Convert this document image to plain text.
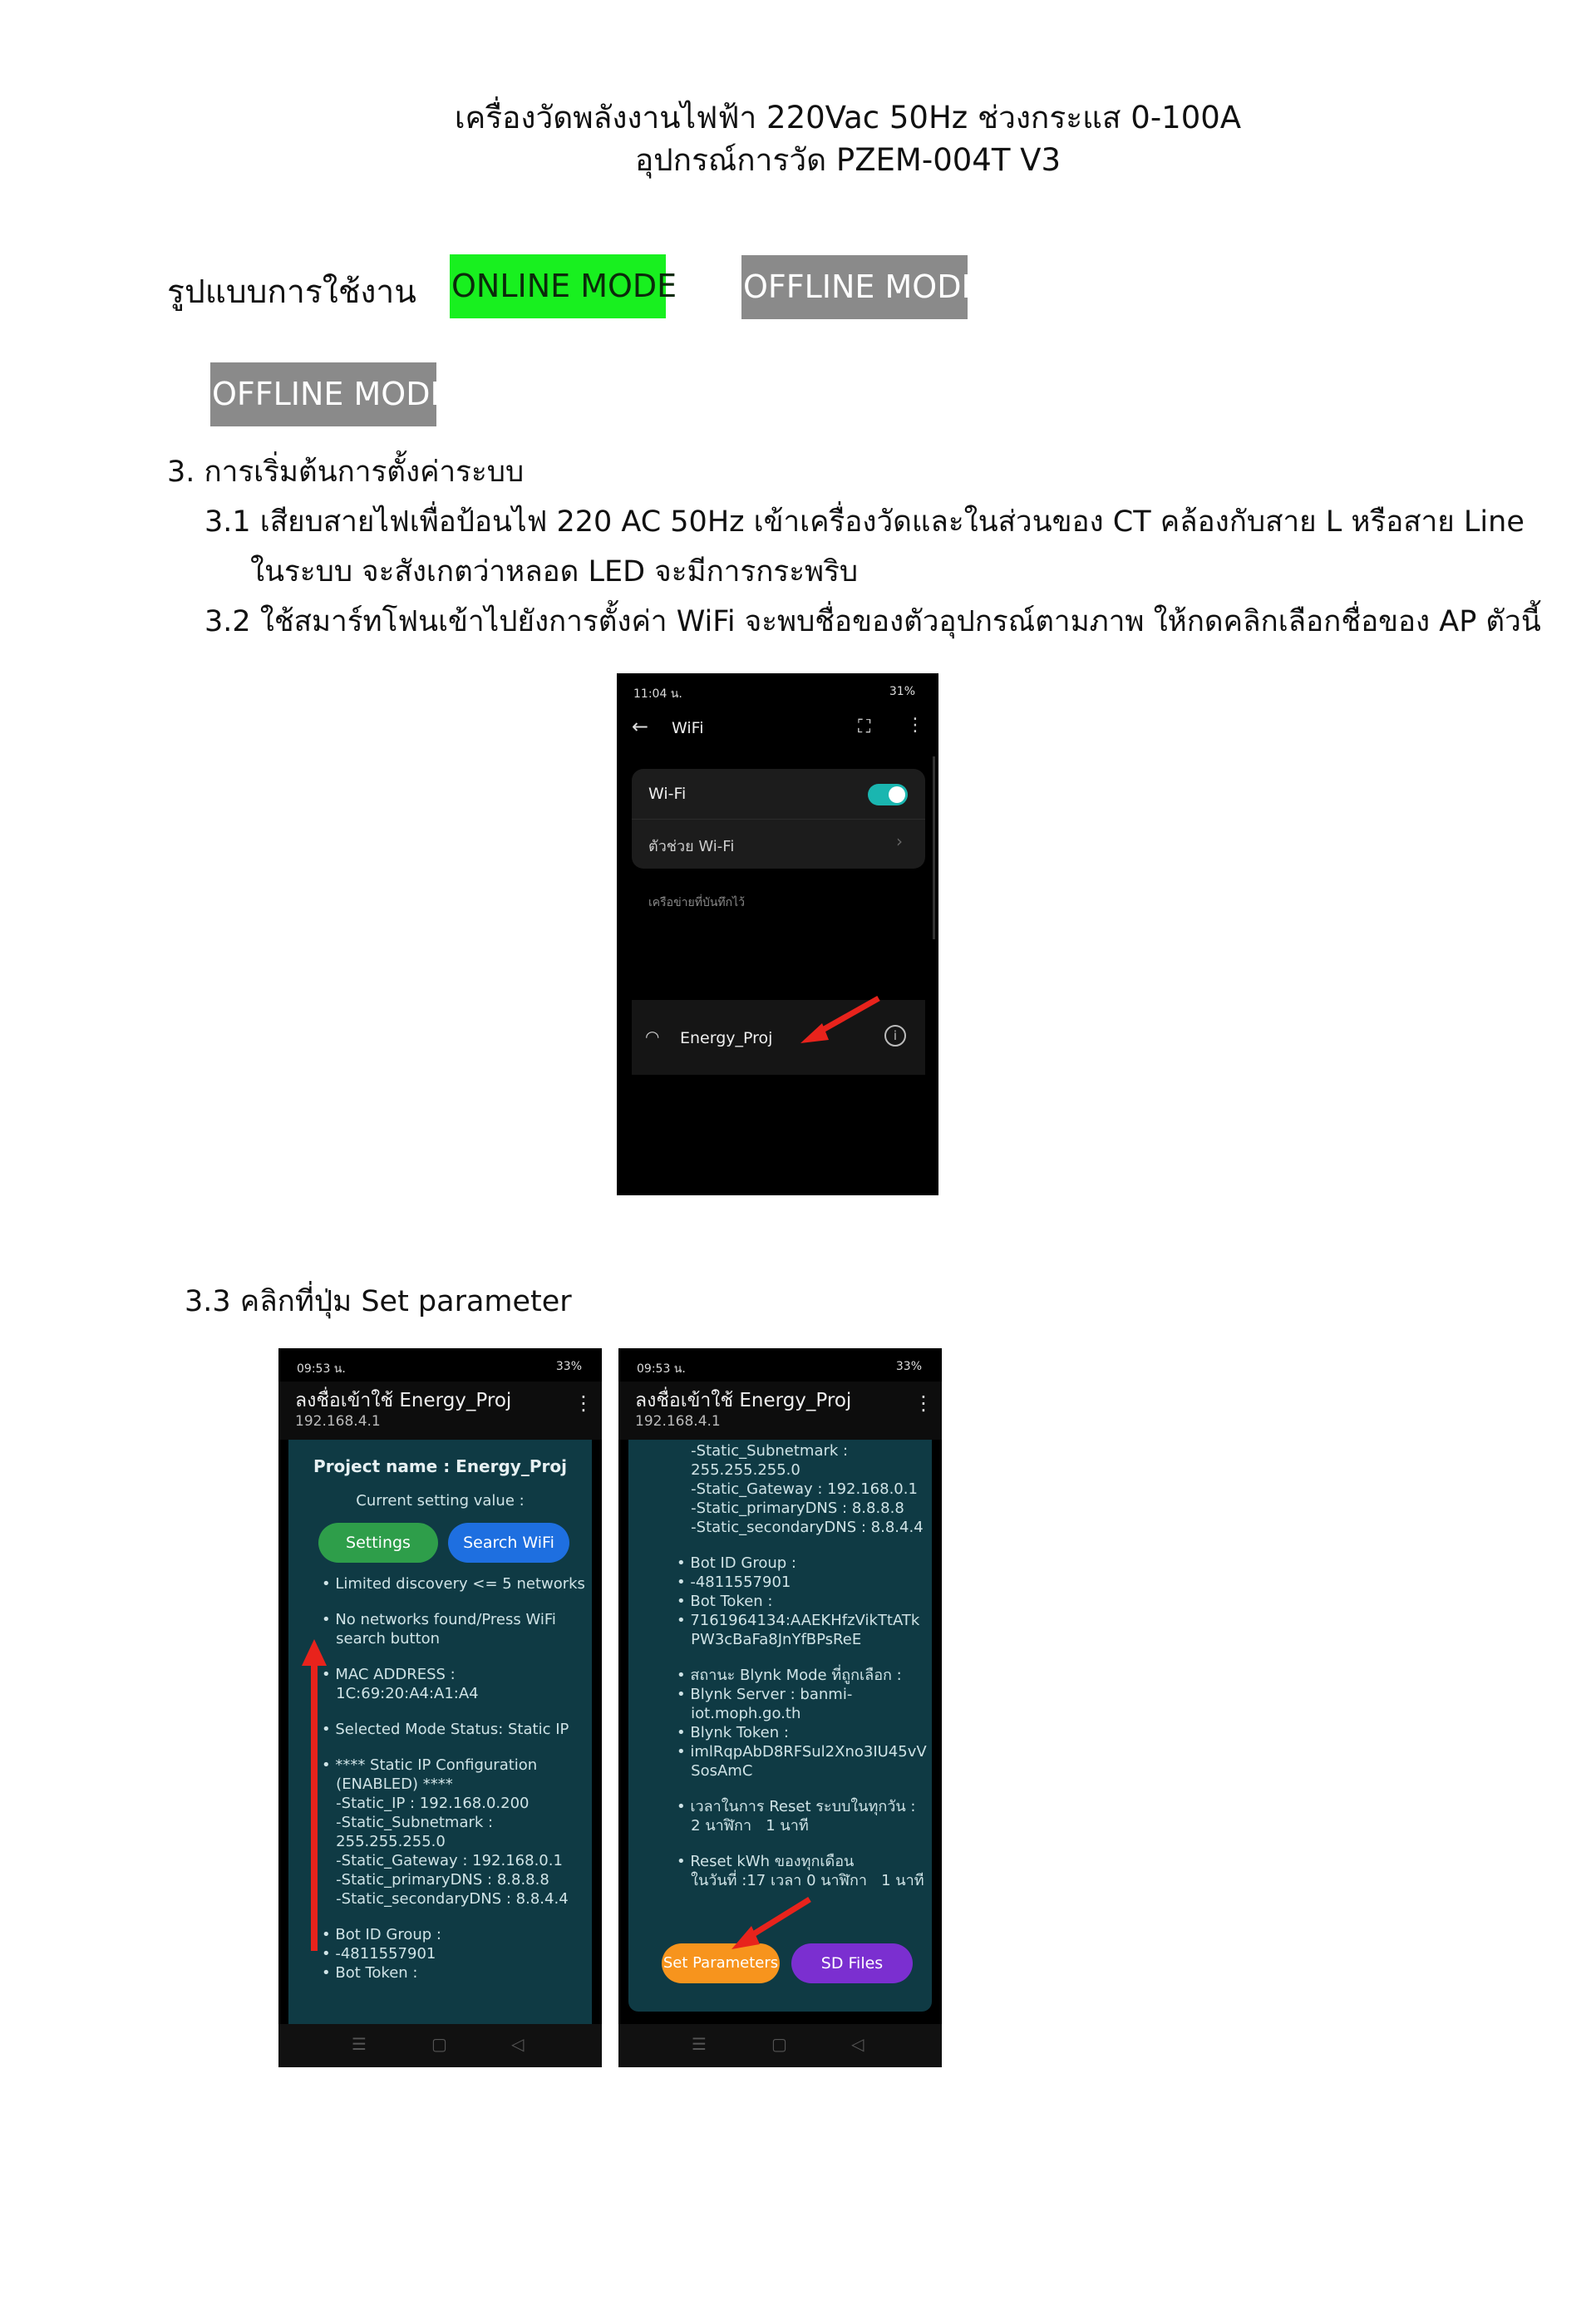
เครื่องวัดพลังงานไฟฟ้า 220Vac 50Hz ช่วงกระแส 0-100A
อุปกรณ์การวัด PZEM-004T V3
รูปแบบการใช้งาน ONLINE MODE OFFLINE MODE
OFFLINE MODE
3. การเริ่มต้นการตั้งค่าระบบ
3.1 เสียบสายไฟเพื่อป้อนไฟ 220 AC 50Hz เข้าเครื่องวัดและในส่วนของ CT คล้องกับสาย L หรือสาย Line
ในระบบ จะสังเกตว่าหลอด LED จะมีการกระพริบ
3.2 ใช้สมาร์ทโฟนเข้าไปยังการตั้งค่า WiFi จะพบชื่อของตัวอุปกรณ์ตามภาพ ให้กดคลิกเลือกชื่อของ AP ตัวนี้
11:04 น.	31%
← WiFi	⛶ ⋮
Wi-Fi
ตัวช่วย Wi-Fi	›
เครือข่ายที่บันทึกไว้
◠ Energy_Proj	i
3.3 คลิกที่ปุ่ม Set parameter
09:53 น.	33%
ลงชื่อเข้าใช้ Energy_Proj
192.168.4.1
⋮
Project name : Energy_Proj
Current setting value :
Settings	Search WiFi
• Limited discovery <= 5 networks
• No networks found/Press WiFi
search button
• MAC ADDRESS :
1C:69:20:A4:A1:A4
• Selected Mode Status: Static IP
• **** Static IP Configuration
(ENABLED) ****
-Static_IP : 192.168.0.200
-Static_Subnetmark :
255.255.255.0
-Static_Gateway : 192.168.0.1
-Static_primaryDNS : 8.8.8.8
-Static_secondaryDNS : 8.8.4.4
• Bot ID Group :
• -4811557901
• Bot Token :
☰	▢	◁
09:53 น.	33%
ลงชื่อเข้าใช้ Energy_Proj
192.168.4.1
⋮
-Static_Subnetmark :
255.255.255.0
-Static_Gateway : 192.168.0.1
-Static_primaryDNS : 8.8.8.8
-Static_secondaryDNS : 8.8.4.4
• Bot ID Group :
• -4811557901
• Bot Token :
• 7161964134:AAEKHfzVikTtATk
PW3cBaFa8JnYfBPsReE
• สถานะ Blynk Mode ที่ถูกเลือก :
• Blynk Server : banmi-
iot.moph.go.th
• Blynk Token :
• imlRqpAbD8RFSul2Xno3IU45vV
SosAmC
• เวลาในการ Reset ระบบในทุกวัน :
2 นาฬิกา   1 นาที
• Reset kWh ของทุกเดือน
ในวันที่ :17 เวลา 0 นาฬิกา   1 นาที
Set Parameters	SD Files
☰	▢	◁
